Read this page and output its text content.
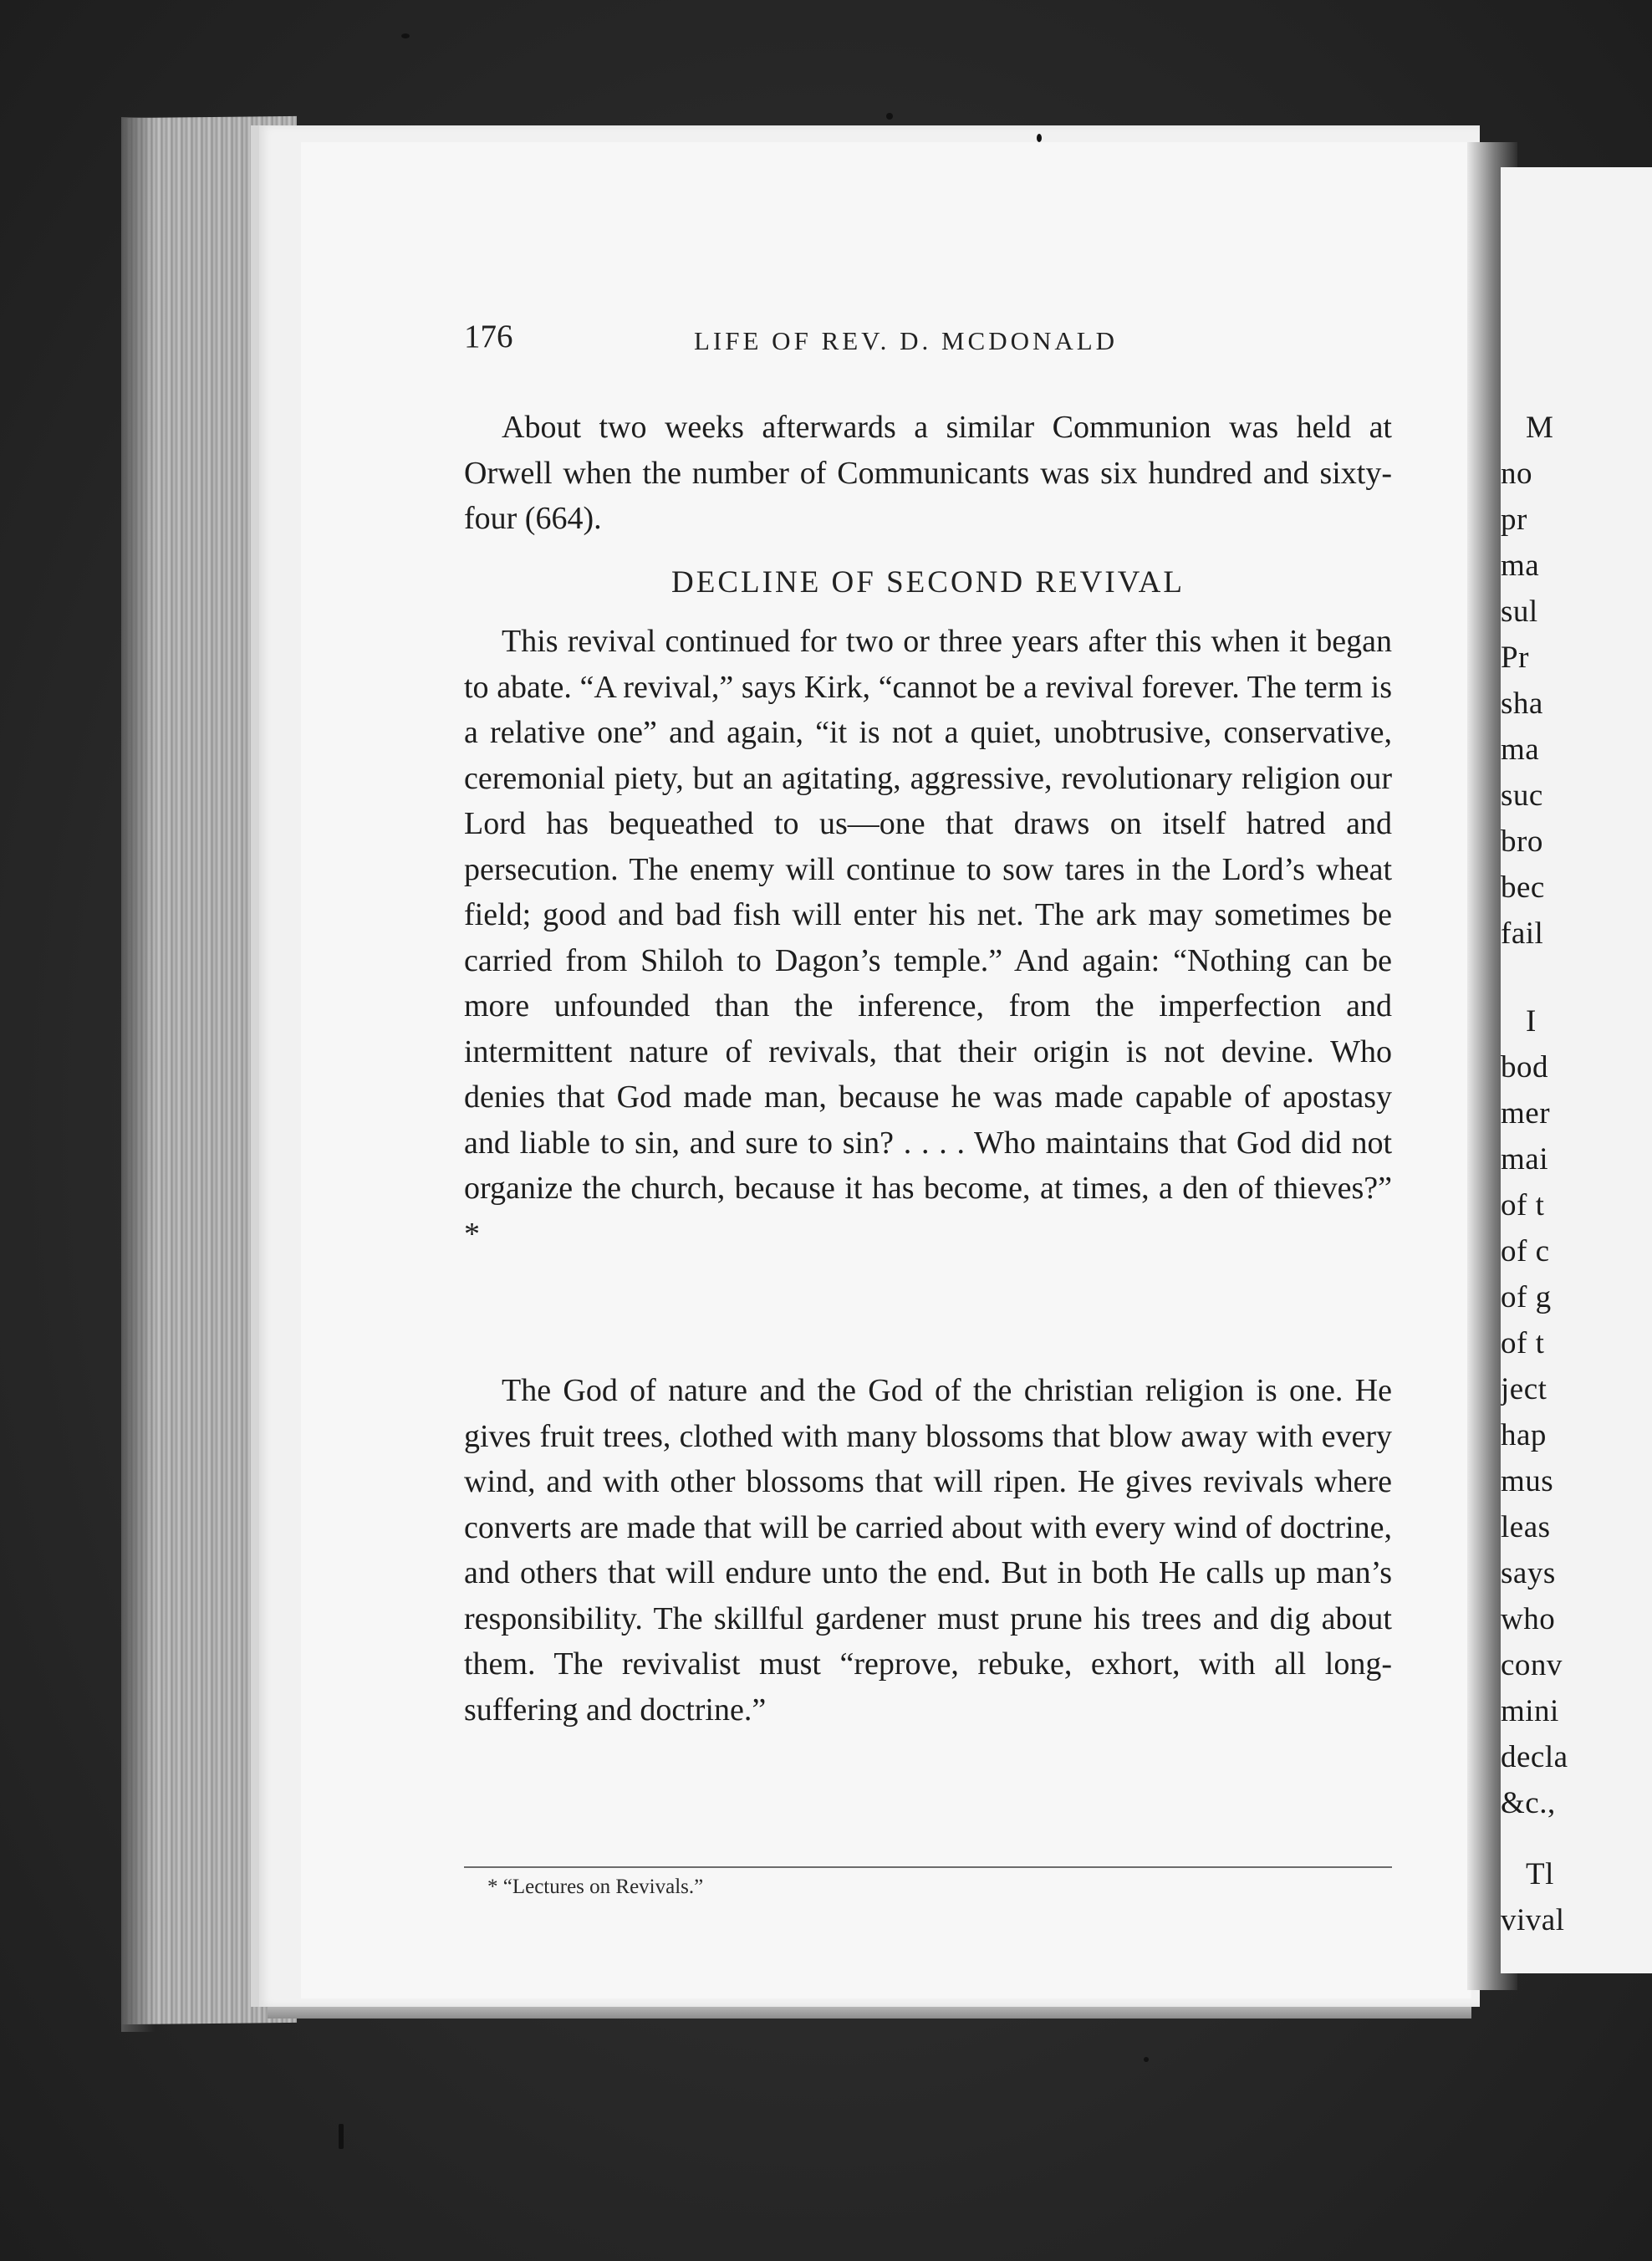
M
no
pr
ma
sul
Pr
sha
ma
suc
bro
bec
fail
I
bod
mer
mai
of t
of c
of g
of t
ject
hap
mus
leas
says
who
conv
mini
decla
&c.,
Tl
vival
176	LIFE OF REV. D. MCDONALD

About two weeks afterwards a similar Communion was held at Orwell when the number of Communicants was six hundred and sixty-four (664).

DECLINE OF SECOND REVIVAL

This revival continued for two or three years after this when it began to abate. “A revival,” says Kirk, “cannot be a revival forever. The term is a relative one” and again, “it is not a quiet, unobtrusive, conservative, ceremonial piety, but an agitating, aggressive, revolutionary religion our Lord has bequeathed to us—one that draws on itself hatred and persecution. The enemy will continue to sow tares in the Lord’s wheat field; good and bad fish will enter his net. The ark may sometimes be carried from Shiloh to Dagon’s temple.” And again: “Nothing can be more unfounded than the inference, from the imperfection and intermittent nature of revivals, that their origin is not devine. Who denies that God made man, because he was made capable of apostasy and liable to sin, and sure to sin? . . . . Who maintains that God did not organize the church, because it has become, at times, a den of thieves?” *

The God of nature and the God of the christian religion is one. He gives fruit trees, clothed with many blossoms that blow away with every wind, and with other blossoms that will ripen. He gives revivals where converts are made that will be carried about with every wind of doctrine, and others that will endure unto the end. But in both He calls up man’s responsibility. The skillful gardener must prune his trees and dig about them. The revivalist must “reprove, rebuke, exhort, with all longsuffering and doctrine.”

* “Lectures on Revivals.”
